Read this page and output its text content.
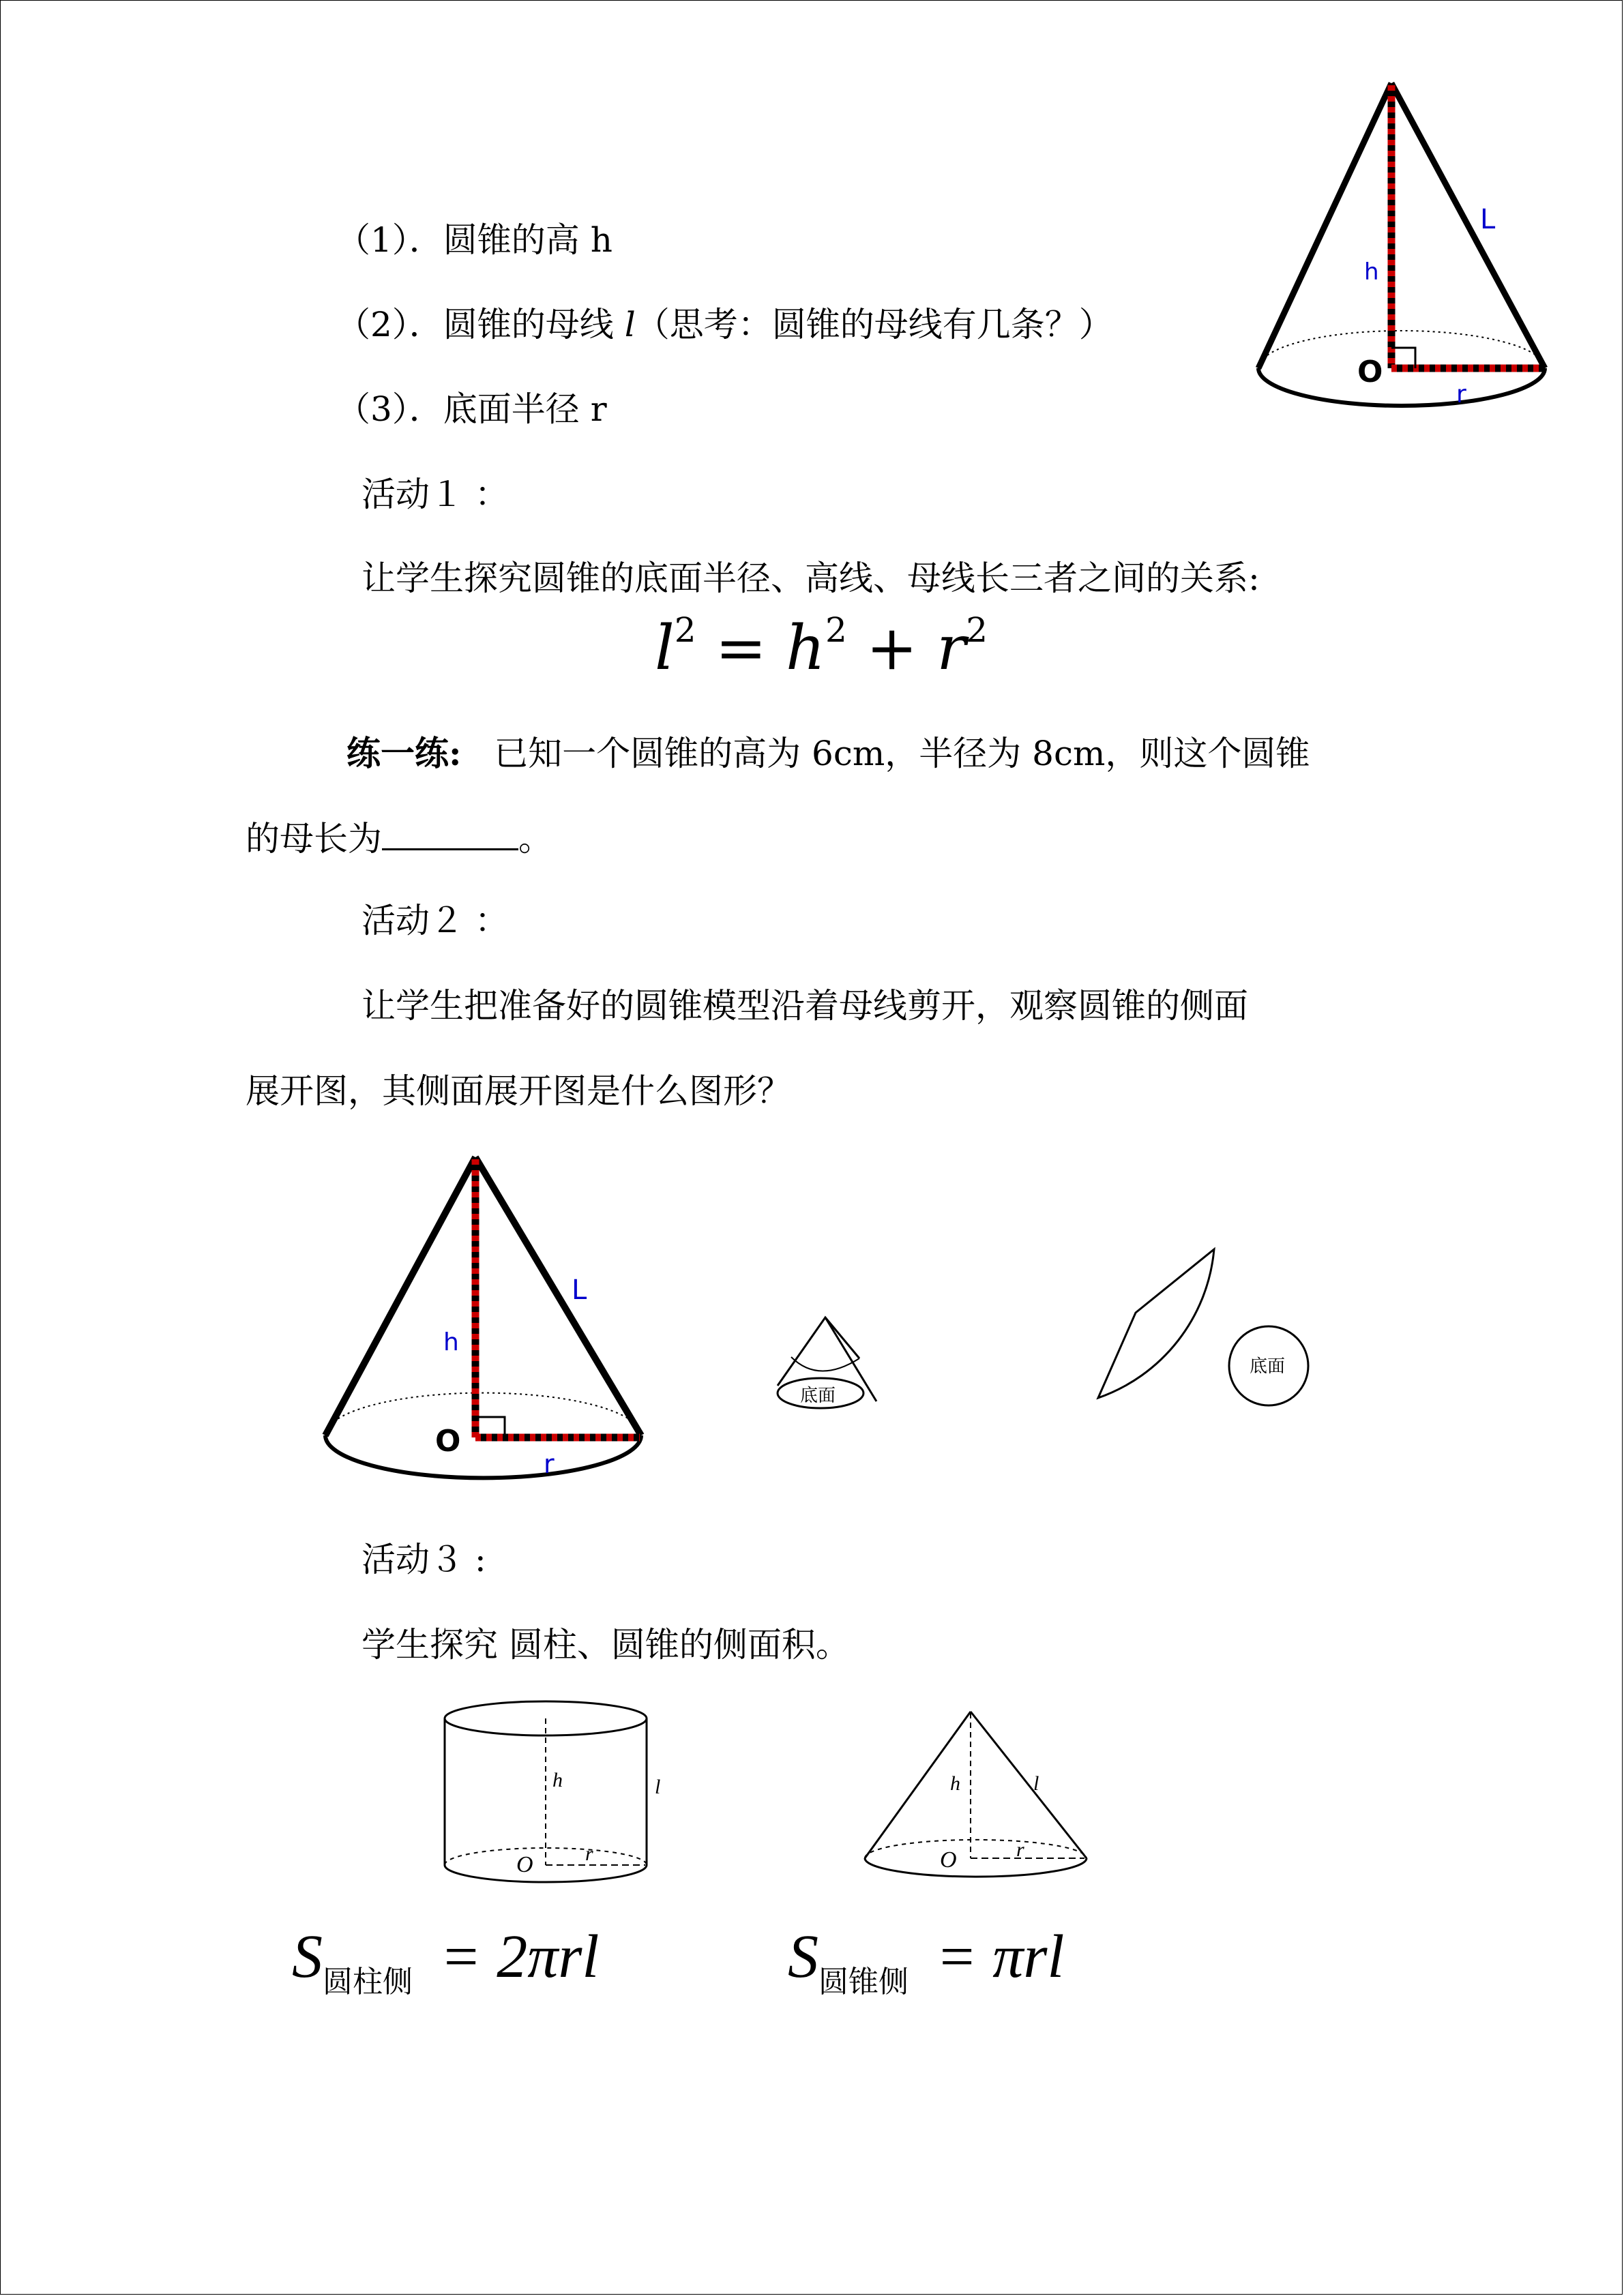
（1）．圆锥的高 h
（2）．圆锥的母线 l（思考：圆锥的母线有几条？）
（3）．底面半径 r
活动１ ：
让学生探究圆锥的底面半径、高线、母线长三者之间的关系:
$l^2 = h^2 + r^2$
练一练: 已知一个圆锥的高为 6cm，半径为 8cm，则这个圆锥
的母长为	。
活动２ ：
让学生把准备好的圆锥模型沿着母线剪开，观察圆锥的侧面
展开图，其侧面展开图是什么图形？
活动３ :
学生探究 圆柱、圆锥的侧面积。
$S_{圆柱侧} = 2\pi rl$	$S_{圆锥侧} = \pi rl$
L
h
O
r
L
h
O
r
底面
底面
h	l
O	r
h	l
O	r
